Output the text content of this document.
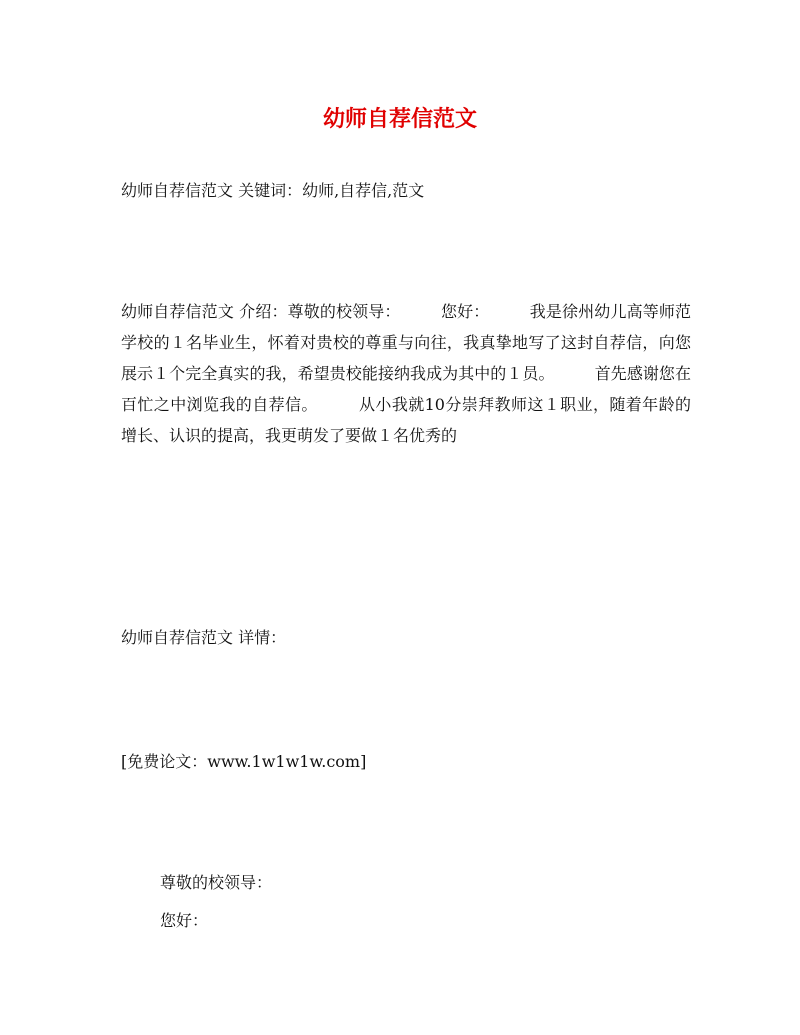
幼师自荐信范文

幼师自荐信范文 关键词：幼师,自荐信,范文

幼师自荐信范文 介绍：尊敬的校领导：　　　您好：　　　我是徐州幼儿高等师范学校的１名毕业生，怀着对贵校的尊重与向往，我真挚地写了这封自荐信，向您展示１个完全真实的我，希望贵校能接纳我成为其中的１员。　　　首先感谢您在百忙之中浏览我的自荐信。　　　从小我就10分崇拜教师这１职业，随着年龄的增长、认识的提高，我更萌发了要做１名优秀的

幼师自荐信范文 详情：

[免费论文：www.1w1w1w.com]

尊敬的校领导：

您好：
